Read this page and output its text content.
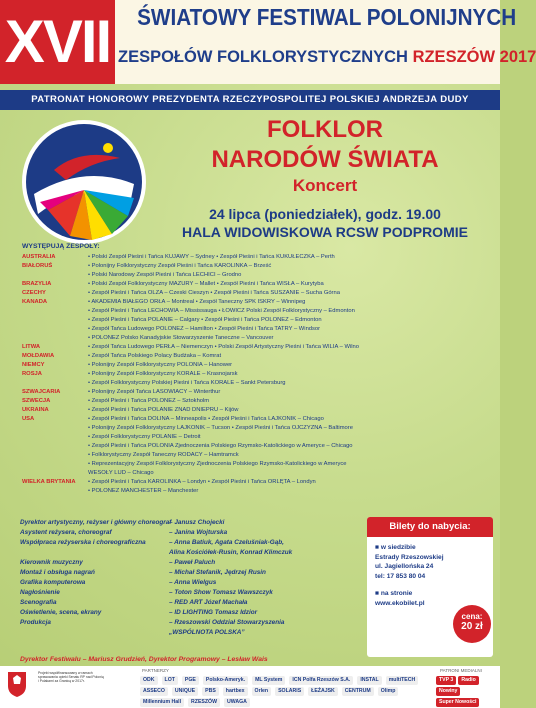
XVII ŚWIATOWY FESTIWAL POLONIJNYCH
ZESPOŁÓW FOLKLORYSTYCZNYCH RZESZÓW 2017
PATRONAT HONOROWY PREZYDENTA RZECZYPOSPOLITEJ POLSKIEJ ANDRZEJA DUDY
FOLKLOR
NARODÓW ŚWIATA
Koncert
24 lipca (poniedziałek), godz. 19.00
HALA WIDOWISKOWA RCSW PODPROMIE
WYSTĘPUJĄ ZESPOŁY:
AUSTRALIA	• Polski Zespół Pieśni i Tańca KUJAWY – Sydney • Zespół Pieśni i Tańca KUKUŁECZKA – Perth
BIAŁORUŚ	• Polonijny Folklorystyczny Zespół Pieśni i Tańca KAROLINKA – Brześć
• Polski Narodowy Zespół Pieśni i Tańca LECHICI – Grodno
BRAZYLIA	• Polski Zespół Folklorystyczny MAZURY – Mallet • Zespół Pieśni i Tańca WISŁA – Kurytyba
CZECHY	• Zespół Pieśni i Tańca OLZA – Czeski Cieszyn • Zespół Pieśni i Tańca SUSZANIE – Sucha Górna
KANADA	• AKADEMIA BIAŁEGO ORŁA – Montreal • Zespół Taneczny SPK ISKRY – Winnipeg
• Zespół Pieśni i Tańca LECHOWIA – Mississauga • ŁOWICZ Polski Zespół Folklorystyczny – Edmonton
• Zespół Pieśni i Tańca POLANIE – Calgary • Zespół Pieśni i Tańca POLONEZ – Edmonton
• Zespół Tańca Ludowego POLONEZ – Hamilton • Zespół Pieśni i Tańca TATRY – Windsor
• POLONEZ Polsko Kanadyjskie Stowarzyszenie Taneczne – Vancouver
LITWA	• Zespół Tańca Ludowego PERŁA – Niemenczyn • Polski Zespół Artystyczny Pieśni i Tańca WILIA – Wilno
MOŁDAWIA	• Zespół Tańca Polskiego Polacy Budżaka – Komrat
NIEMCY	• Polonijny Zespół Folklorystyczny POLONIA – Hanower
ROSJA	• Polonijny Zespół Folklorystyczny KORALE – Krasnojarsk
• Zespół Folklorystyczny Polskiej Pieśni i Tańca KORALE – Sankt Petersburg
SZWAJCARIA	• Polonijny Zespół Tańca LASOWIACY – Winterthur
SZWECJA	• Zespół Pieśni i Tańca POLONEZ – Sztokholm
UKRAINA	• Zespół Pieśni i Tańca POLANIE ZNAD DNIEPRU – Kijów
USA	• Zespół Pieśni i Tańca DOLINA – Minneapolis • Zespół Pieśni i Tańca LAJKONIK – Chicago
• Polonijny Zespół Folklorystyczny LAJKONIK – Tucson • Zespół Pieśni i Tańca OJCZYZNA – Baltimore
• Zespół Folklorystyczny POLANIE – Detroit
• Zespół Pieśni i Tańca POLONIA Zjednoczenia Polskiego Rzymsko-Katolickiego w Ameryce – Chicago
• Folklorystyczny Zespół Taneczny RODACY – Hamtramck
• Reprezentacyjny Zespół Folklorystyczny Zjednoczenia Polskiego Rzymsko-Katolickiego w Ameryce
WESOŁY LUD – Chicago
WIELKA BRYTANIA	• Zespół Pieśni i Tańca KAROLINKA – Londyn • Zespół Pieśni i Tańca ORLĘTA – Londyn
• POLONEZ MANCHESTER – Manchester
Dyrektor artystyczny, reżyser i główny choreograf
– Janusz Chojecki
Asystent reżysera, choreograf	– Janina Wojturska
Współpraca reżyserska i choreograficzna	– Anna Batiuk, Agata Czelušniak-Gąb,
Alina Kościółek-Rusin, Konrad Klimczuk
Kierownik muzyczny	– Paweł Paluch
Montaż i obsługa nagrań	– Michał Stefanik, Jędrzej Rusin
Grafika komputerowa	– Anna Wielgus
Nagłośnienie	– Toton Show Tomasz Wawszczyk
Scenografia	– RED ART Józef Machała
Oświetlenie, scena, ekrany	– ID LIGHTING Tomasz Idzior
Produkcja	– Rzeszowski Oddział Stowarzyszenia
„WSPÓLNOTA POLSKA”
Dyrektor Festiwalu – Mariusz Grudzień, Dyrektor Programowy – Lesław Wais
Bilety do nabycia:
■ w siedzibie
Estrady Rzeszowskiej
ul. Jagiellońska 24
tel: 17 853 80 04
■ na stronie
www.ekobilet.pl
cena:
20 zł
Projekt współfinansowany w ramach sprawowania opieki Senatu RP nad Polonią i Polakami za Granicą w 2017r.
PARTNERZY	PATRONI MEDIALNI
ODK	LOT	PGE	Polsko-Ameryk.	ML System	ICN Polfa Rzeszów S.A.	INSTAL	multiTECH
ASSECO	UNIQUE	PBS	hartbex	Orlen	SOLARIS	ŁEŻAJSK	CENTRUM	Olimp
Millennium Hall	RZESZÓW	UWAGA
TVP 3	Radio
Nowiny
Super Nowości
